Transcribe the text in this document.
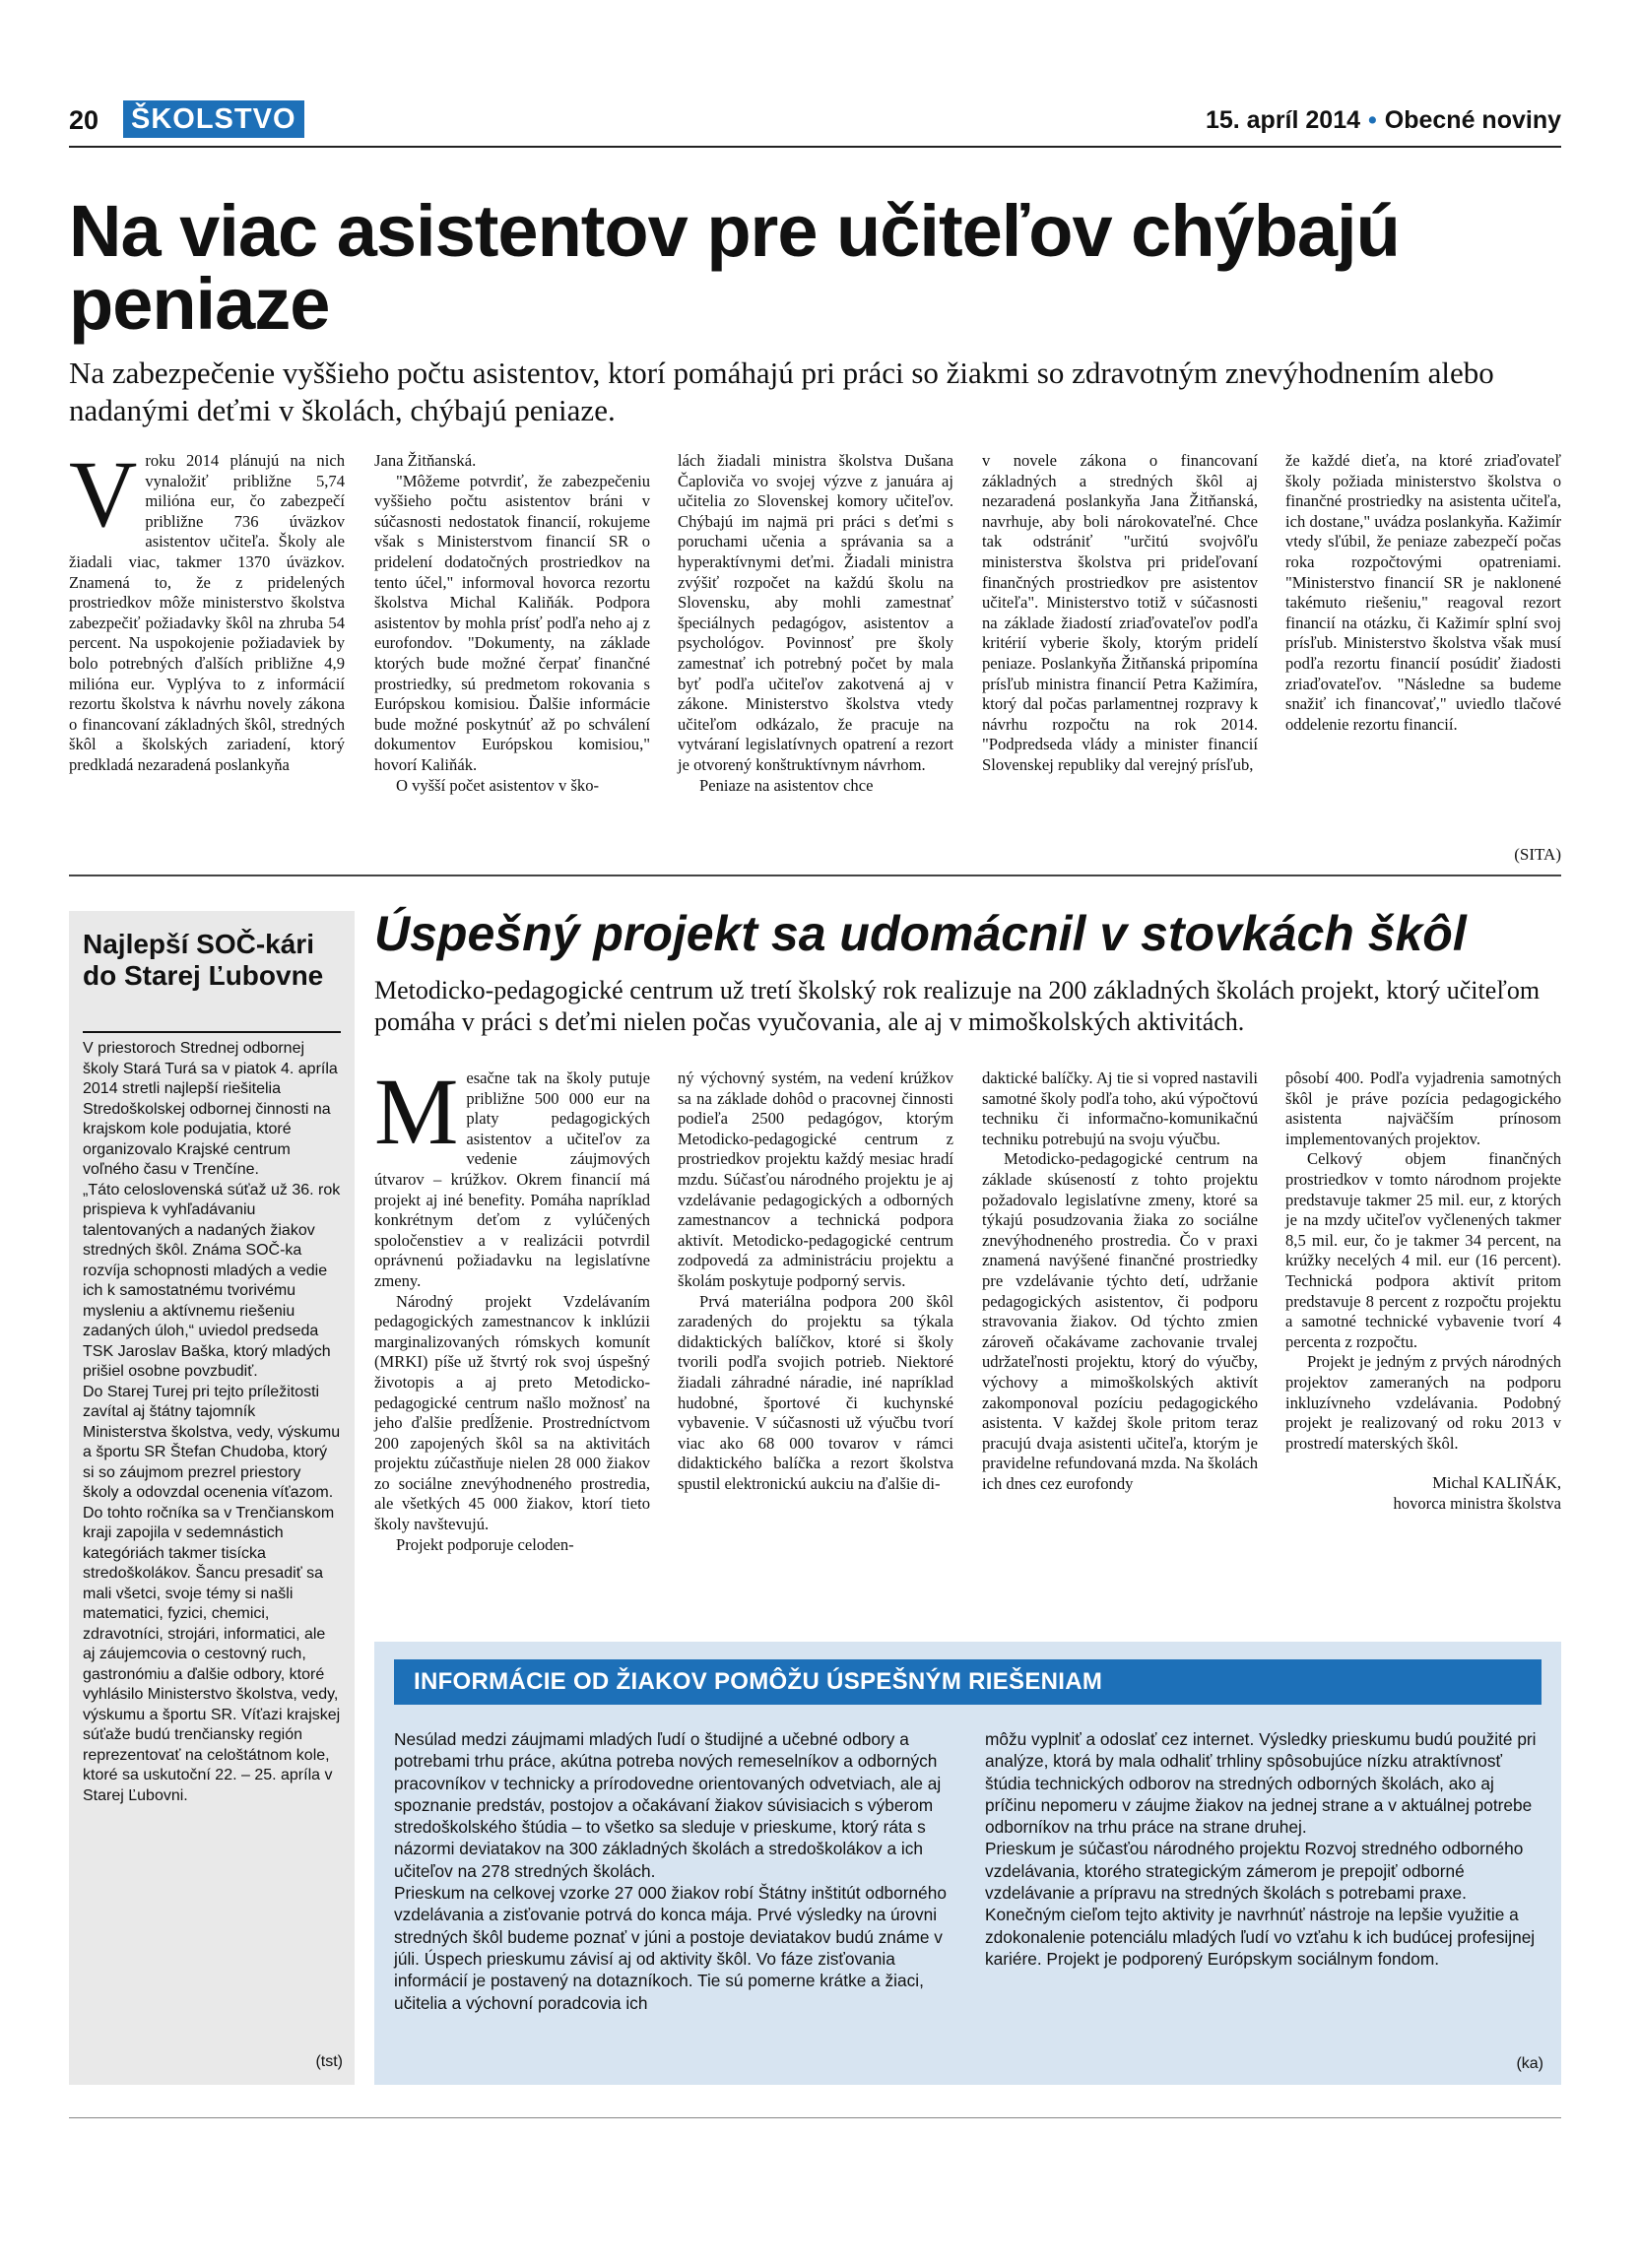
20 ŠKOLSTVO	15. apríl 2014 • Obecné noviny
Na viac asistentov pre učiteľov chýbajú peniaze
Na zabezpečenie vyššieho počtu asistentov, ktorí pomáhajú pri práci so žiakmi so zdravotným znevýhodnením alebo nadanými deťmi v školách, chýbajú peniaze.
V roku 2014 plánujú na nich vynaložiť približne 5,74 milióna eur, čo zabezpečí približne 736 úväzkov asistentov učiteľa. Školy ale žiadali viac, takmer 1370 úväzkov. Znamená to, že z pridelených prostriedkov môže ministerstvo školstva zabezpečiť požiadavky škôl na zhruba 54 percent. Na uspokojenie požiadaviek by bolo potrebných ďalších približne 4,9 milióna eur. Vyplýva to z informácií rezortu školstva k návrhu novely zákona o financovaní základných škôl, stredných škôl a školských zariadení, ktorý predkladá nezaradená poslankyňa

Jana Žitňanská.

"Môžeme potvrdiť, že zabezpečeniu vyššieho počtu asistentov bráni v súčasnosti nedostatok financií, rokujeme však s Ministerstvom financií SR o pridelení dodatočných prostriedkov na tento účel," informoval hovorca rezortu školstva Michal Kaliňák. Podpora asistentov by mohla prísť podľa neho aj z eurofondov. "Dokumenty, na základe ktorých bude možné čerpať finančné prostriedky, sú predmetom rokovania s Európskou komisiou. Ďalšie informácie bude možné poskytnúť až po schválení dokumentov Európskou komisiou," hovorí Kaliňák.

O vyšší počet asistentov v ško-

lách žiadali ministra školstva Dušana Čaploviča vo svojej výzve z januára aj učitelia zo Slovenskej komory učiteľov. Chýbajú im najmä pri práci s deťmi s poruchami učenia a správania sa a hyperaktívnymi deťmi. Žiadali ministra zvýšiť rozpočet na každú školu na Slovensku, aby mohli zamestnať špeciálnych pedagógov, asistentov a psychológov. Povinnosť pre školy zamestnať ich potrebný počet by mala byť podľa učiteľov zakotvená aj v zákone. Ministerstvo školstva vtedy učiteľom odkázalo, že pracuje na vytváraní legislatívnych opatrení a rezort je otvorený konštruktívnym návrhom.

Peniaze na asistentov chce

v novele zákona o financovaní základných a stredných škôl aj nezaradená poslankyňa Jana Žitňanská, navrhuje, aby boli nárokovateľné. Chce tak odstrániť "určitú svojvôľu ministerstva školstva pri prideľovaní finančných prostriedkov pre asistentov učiteľa". Ministerstvo totiž v súčasnosti na základe žiadostí zriaďovateľov podľa kritérií vyberie školy, ktorým pridelí peniaze. Poslankyňa Žitňanská pripomína prísľub ministra financií Petra Kažimíra, ktorý dal počas parlamentnej rozpravy k návrhu rozpočtu na rok 2014. "Podpredseda vlády a minister financií Slovenskej republiky dal verejný prísľub,

že každé dieťa, na ktoré zriaďovateľ školy požiada ministerstvo školstva o finančné prostriedky na asistenta učiteľa, ich dostane," uvádza poslankyňa. Kažimír vtedy sľúbil, že peniaze zabezpečí počas roka rozpočtovými opatreniami. "Ministerstvo financií SR je naklonené takémuto riešeniu," reagoval rezort financií na otázku, či Kažimír splní svoj prísľub. Ministerstvo školstva však musí podľa rezortu financií posúdiť žiadosti zriaďovateľov. "Následne sa budeme snažiť ich financovať," uviedlo tlačové oddelenie rezortu financií.

(SITA)
Najlepší SOČ-kári do Starej Ľubovne

V priestoroch Strednej odbornej školy Stará Turá sa v piatok 4. apríla 2014 stretli najlepší riešitelia Stredoškolskej odbornej činnosti na krajskom kole podujatia, ktoré organizovalo Krajské centrum voľného času v Trenčíne.

„Táto celoslovenská súťaž už 36. rok prispieva k vyhľadávaniu talentovaných a nadaných žiakov stredných škôl. Známa SOČ-ka rozvíja schopnosti mladých a vedie ich k samostatnému tvorivému mysleniu a aktívnemu riešeniu zadaných úloh,“ uviedol predseda TSK Jaroslav Baška, ktorý mladých prišiel osobne povzbudiť.

Do Starej Turej pri tejto príležitosti zavítal aj štátny tajomník Ministerstva školstva, vedy, výskumu a športu SR Štefan Chudoba, ktorý si so záujmom prezrel priestory školy a odovzdal ocenenia víťazom.

Do tohto ročníka sa v Trenčianskom kraji zapojila v sedemnástich kategóriách takmer tisícka stredoškolákov. Šancu presadiť sa mali všetci, svoje témy si našli matematici, fyzici, chemici, zdravotníci, strojári, informatici, ale aj záujemcovia o cestovný ruch, gastronómiu a ďalšie odbory, ktoré vyhlásilo Ministerstvo školstva, vedy, výskumu a športu SR. Víťazi krajskej súťaže budú trenčiansky región reprezentovať na celoštátnom kole, ktoré sa uskutoční 22. – 25. apríla v Starej Ľubovni.

(tst)
Úspešný projekt sa udomácnil v stovkách škôl
Metodicko-pedagogické centrum už tretí školský rok realizuje na 200 základných školách projekt, ktorý učiteľom pomáha v práci s deťmi nielen počas vyučovania, ale aj v mimoškolských aktivitách.
M esačne tak na školy putuje približne 500 000 eur na platy pedagogických asistentov a učiteľov za vedenie záujmových útvarov – krúžkov. Okrem financií má projekt aj iné benefity. Pomáha napríklad konkrétnym deťom z vylúčených spoločenstiev a v realizácii potvrdil oprávnenú požiadavku na legislatívne zmeny.

Národný projekt Vzdelávaním pedagogických zamestnancov k inklúzii marginalizovaných rómskych komunít (MRKI) píše už štvrtý rok svoj úspešný životopis a aj preto Metodicko-pedagogické centrum našlo možnosť na jeho ďalšie predĺženie. Prostredníctvom 200 zapojených škôl sa na aktivitách projektu zúčastňuje nielen 28 000 žiakov zo sociálne znevýhodneného prostredia, ale všetkých 45 000 žiakov, ktorí tieto školy navštevujú.

Projekt podporuje celoden-

ný výchovný systém, na vedení krúžkov sa na základe dohôd o pracovnej činnosti podieľa 2500 pedagógov, ktorým Metodicko-pedagogické centrum z prostriedkov projektu každý mesiac hradí mzdu. Súčasťou národného projektu je aj vzdelávanie pedagogických a odborných zamestnancov a technická podpora aktivít. Metodicko-pedagogické centrum zodpovedá za administráciu projektu a školám poskytuje podporný servis.

Prvá materiálna podpora 200 škôl zaradených do projektu sa týkala didaktických balíčkov, ktoré si školy tvorili podľa svojich potrieb. Niektoré žiadali záhradné náradie, iné napríklad hudobné, športové či kuchynské vybavenie. V súčasnosti už výučbu tvorí viac ako 68 000 tovarov v rámci didaktického balíčka a rezort školstva spustil elektronickú aukciu na ďalšie di-

daktické balíčky. Aj tie si vopred nastavili samotné školy podľa toho, akú výpočtovú techniku či informačno-komunikačnú techniku potrebujú na svoju výučbu.

Metodicko-pedagogické centrum na základe skúseností z tohto projektu požadovalo legislatívne zmeny, ktoré sa týkajú posudzovania žiaka zo sociálne znevýhodneného prostredia. Čo v praxi znamená navýšené finančné prostriedky pre vzdelávanie týchto detí, udržanie pedagogických asistentov, či podporu stravovania žiakov. Od týchto zmien zároveň očakávame zachovanie trvalej udržateľnosti projektu, ktorý do výučby, výchovy a mimoškolských aktivít zakomponoval pozíciu pedagogického asistenta. V každej škole pritom teraz pracujú dvaja asistenti učiteľa, ktorým je pravidelne refundovaná mzda. Na školách ich dnes cez eurofondy

pôsobí 400. Podľa vyjadrenia samotných škôl je práve pozícia pedagogického asistenta najväčším prínosom implementovaných projektov.

Celkový objem finančných prostriedkov v tomto národnom projekte predstavuje takmer 25 mil. eur, z ktorých je na mzdy učiteľov vyčlenených takmer 8,5 mil. eur, čo je takmer 34 percent, na krúžky necelých 4 mil. eur (16 percent). Technická podpora aktivít pritom predstavuje 8 percent z rozpočtu projektu a samotné technické vybavenie tvorí 4 percenta z rozpočtu.

Projekt je jedným z prvých národných projektov zameraných na podporu inkluzívneho vzdelávania. Podobný projekt je realizovaný od roku 2013 v prostredí materských škôl.

Michal KALIŇÁK,
hovorca ministra školstva
INFORMÁCIE OD ŽIAKOV POMÔŽU ÚSPEŠNÝM RIEŠENIAM

Nesúlad medzi záujmami mladých ľudí o študijné a učebné odbory a potrebami trhu práce, akútna potreba nových remeselníkov a odborných pracovníkov v technicky a prírodovedne orientovaných odvetviach, ale aj spoznanie predstáv, postojov a očakávaní žiakov súvisiacich s výberom stredoškolského štúdia – to všetko sa sleduje v prieskume, ktorý ráta s názormi deviatakov na 300 základných školách a stredoškolákov a ich učiteľov na 278 stredných školách.

Prieskum na celkovej vzorke 27 000 žiakov robí Štátny inštitút odborného vzdelávania a zisťovanie potrvá do konca mája. Prvé výsledky na úrovni stredných škôl budeme poznať v júni a postoje deviatakov budú známe v júli. Úspech prieskumu závisí aj od aktivity škôl. Vo fáze zisťovania informácií je postavený na dotazníkoch. Tie sú pomerne krátke a žiaci, učitelia a výchovní poradcovia ich

môžu vyplniť a odoslať cez internet. Výsledky prieskumu budú použité pri analýze, ktorá by mala odhaliť trhliny spôsobujúce nízku atraktívnosť štúdia technických odborov na stredných odborných školách, ako aj príčinu nepomeru v záujme žiakov na jednej strane a v aktuálnej potrebe odborníkov na trhu práce na strane druhej.

Prieskum je súčasťou národného projektu Rozvoj stredného odborného vzdelávania, ktorého strategickým zámerom je prepojiť odborné vzdelávanie a prípravu na stredných školách s potrebami praxe. Konečným cieľom tejto aktivity je navrhnúť nástroje na lepšie využitie a zdokonalenie potenciálu mladých ľudí vo vzťahu k ich budúcej profesijnej kariére. Projekt je podporený Európskym sociálnym fondom.

(ka)
